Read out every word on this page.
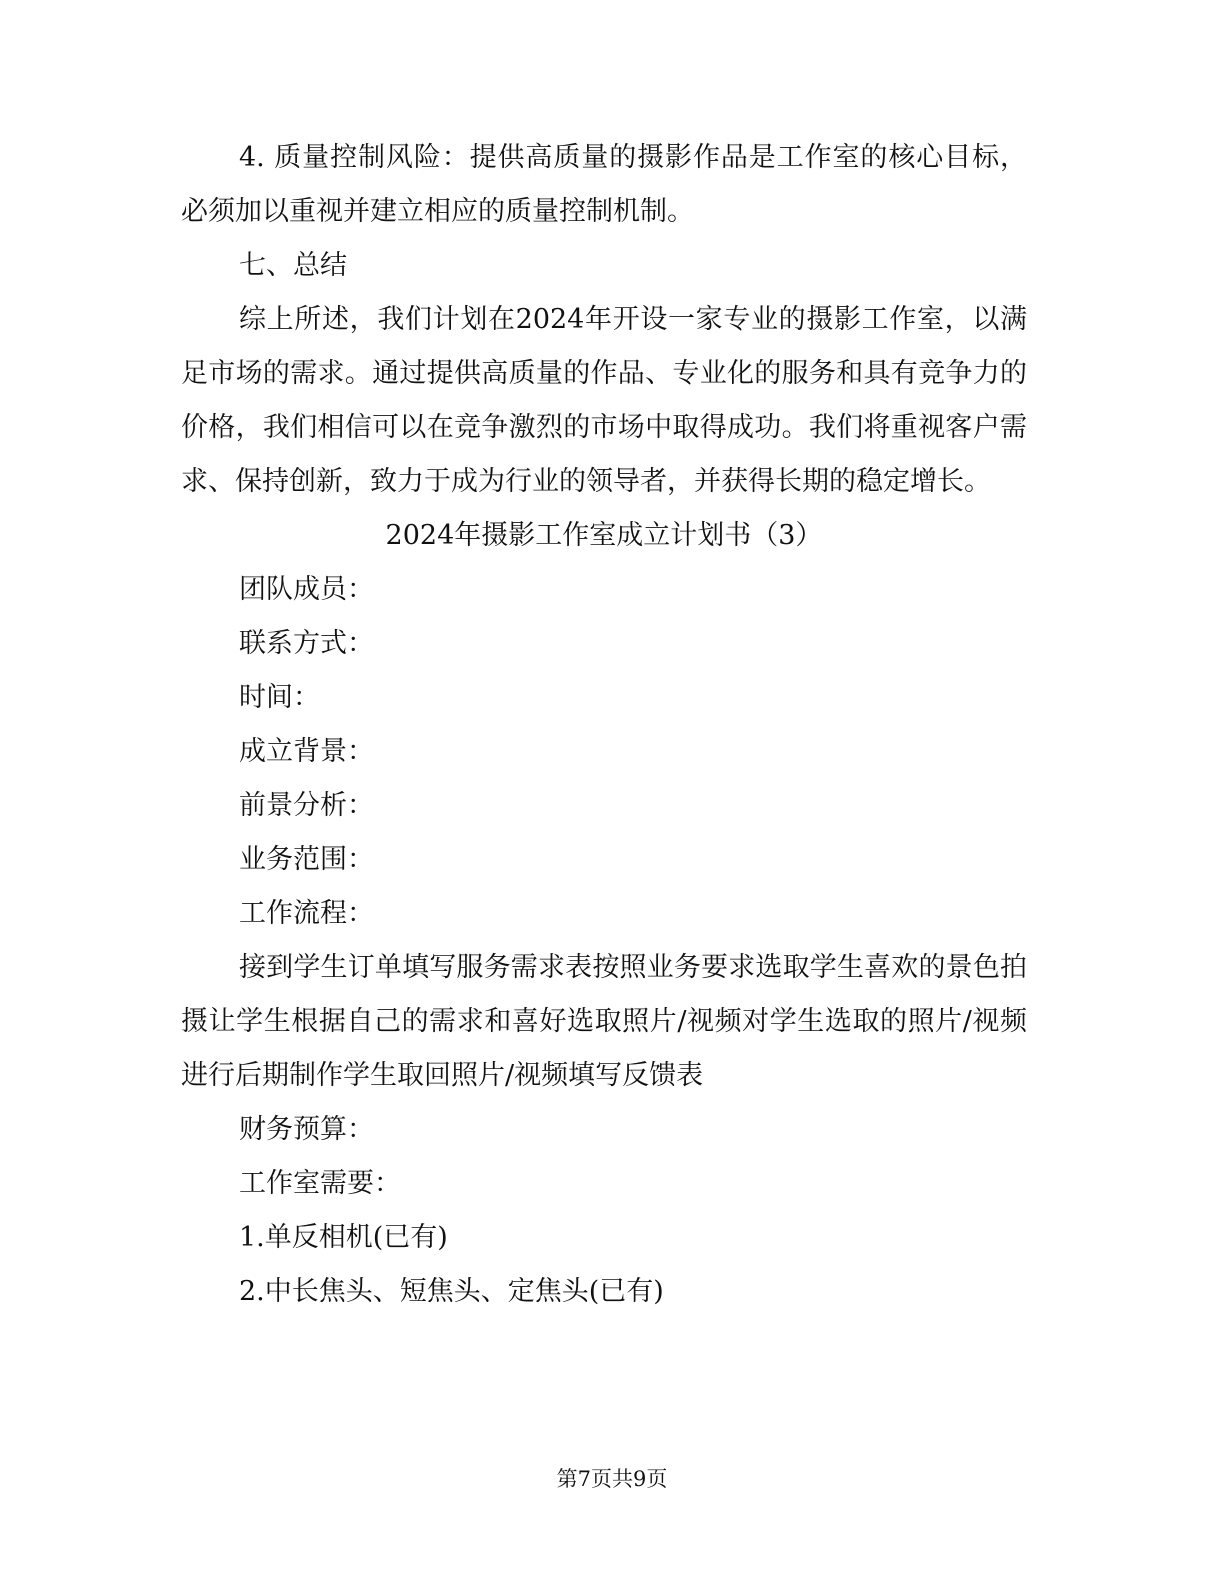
4. 质量控制风险：提供高质量的摄影作品是工作室的核心目标，必须加以重视并建立相应的质量控制机制。

七、总结

综上所述，我们计划在2024年开设一家专业的摄影工作室，以满足市场的需求。通过提供高质量的作品、专业化的服务和具有竞争力的价格，我们相信可以在竞争激烈的市场中取得成功。我们将重视客户需求、保持创新，致力于成为行业的领导者，并获得长期的稳定增长。

2024年摄影工作室成立计划书（3）

团队成员：

联系方式：

时间：

成立背景：

前景分析：

业务范围：

工作流程：

接到学生订单填写服务需求表按照业务要求选取学生喜欢的景色拍摄让学生根据自己的需求和喜好选取照片/视频对学生选取的照片/视频进行后期制作学生取回照片/视频填写反馈表

财务预算：

工作室需要：

1.单反相机(已有)

2.中长焦头、短焦头、定焦头(已有)

第7页共9页
